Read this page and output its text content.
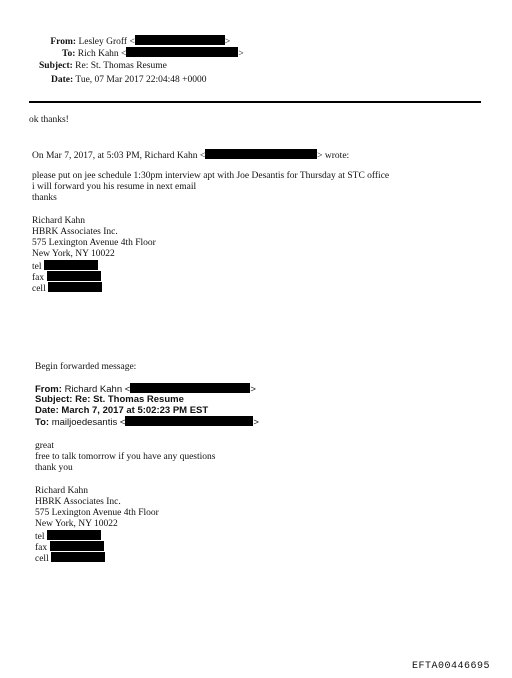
From: Lesley Groff <	>
To: Rich Kahn <	>
Subject: Re: St. Thomas Resume
Date: Tue, 07 Mar 2017 22:04:48 +0000
ok thanks!
On Mar 7, 2017, at 5:03 PM, Richard Kahn <	> wrote:
please put on jee schedule 1:30pm interview apt with Joe Desantis for Thursday at STC office
i will forward you his resume in next email
thanks
Richard Kahn
HBRK Associates Inc.
575 Lexington Avenue 4th Floor
New York, NY 10022
tel
fax
cell
Begin forwarded message:
From: Richard Kahn <	>
Subject: Re: St. Thomas Resume
Date: March 7, 2017 at 5:02:23 PM EST
To: mailjoedesantis <	>
great
free to talk tomorrow if you have any questions
thank you
Richard Kahn
HBRK Associates Inc.
575 Lexington Avenue 4th Floor
New York, NY 10022
tel
fax
cell
EFTA00446695
